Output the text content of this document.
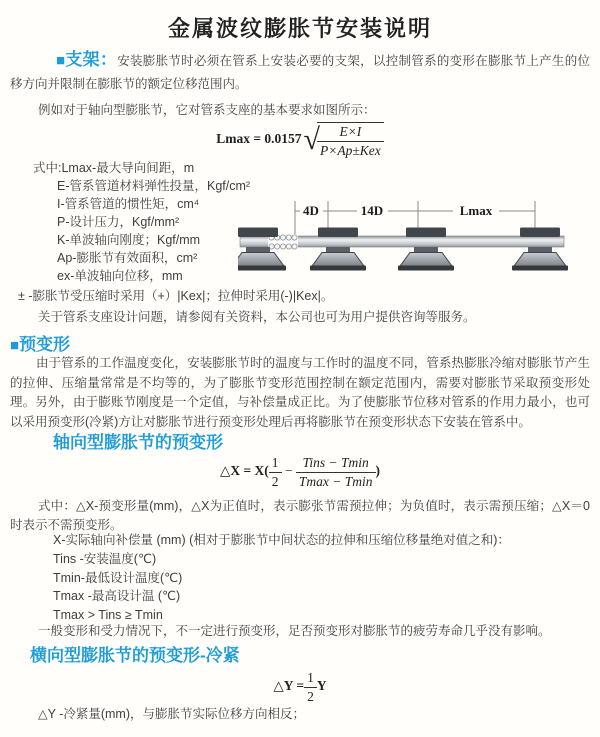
金属波纹膨胀节安装说明

■支架：安装膨胀节时必须在管系上安装必要的支架，以控制管系的变形在膨胀节上产生的位移方向并限制在膨胀节的额定位移范围内。

例如对于轴向型膨胀节，它对管系支座的基本要求如图所示：

Lmax = 0.0157√
$\frac{E\times I}{\text{P×Ap±Kex}}$
式中:Lmax-最大导向间距，m
E-管系管道材料弹性投量，Kgf/cm²
I-管系管道的惯性矩，cm⁴
P-设计压力，Kgf/mm²
K-单波轴向刚度；Kgf/mm
Ap-膨胀节有效面积，cm²
ex-单波轴向位移，mm
± -膨胀节受压缩时采用（+）|Kex|；拉伸时采用(-)|Kex|。
关于管系支座设计问题，请参阅有关资料，本公司也可为用户提供咨询等服务。
4D	14D	Lmax
■预变形

由于管系的工作温度变化，安装膨胀节时的温度与工作时的温度不同，管系热膨胀冷缩对膨胀节产生的拉伸、压缩量常常是不均等的，为了膨胀节变形范围控制在额定范围内，需要对膨胀节采取预变形处理。另外，由于膨账节刚度是一个定值，与补偿量成正比。为了使膨胀节位移对管系的作用力最小，也可以采用预变形(冷紧)方让对膨胀节进行预变形处理后再将膨胀节在预变形状态下安装在管系中。

轴向型膨胀节的预变形
△X = $X( \frac{1}{2} - \frac{\text{Tins − Tmin}}{Tmax - Tmin}$ )

式中：△X-预变形量(mm)，△X为正值时，表示膨张节需预拉伸；为负值时，表示需预压缩；△X＝0时表示不需预变形。

X-实际轴向补偿量 (mm) (相对于膨胀节中间状态的拉伸和压缩位移量绝对值之和)：
Tins -安装温度(℃)
Tmin-最低设计温度(℃)
Tmax -最高设计温 (℃)
Tmax > Tins ≥ Tmin
一般变形和受力情况下，不一定进行预变形，足否预变形对膨胀节的疲劳寿命几乎没有影响。
横向型膨胀节的预变形-冷紧
△Y = $\frac{1}{2}$ Y
△Y -冷紧量(mm)，与膨胀节实际位移方向相反；
